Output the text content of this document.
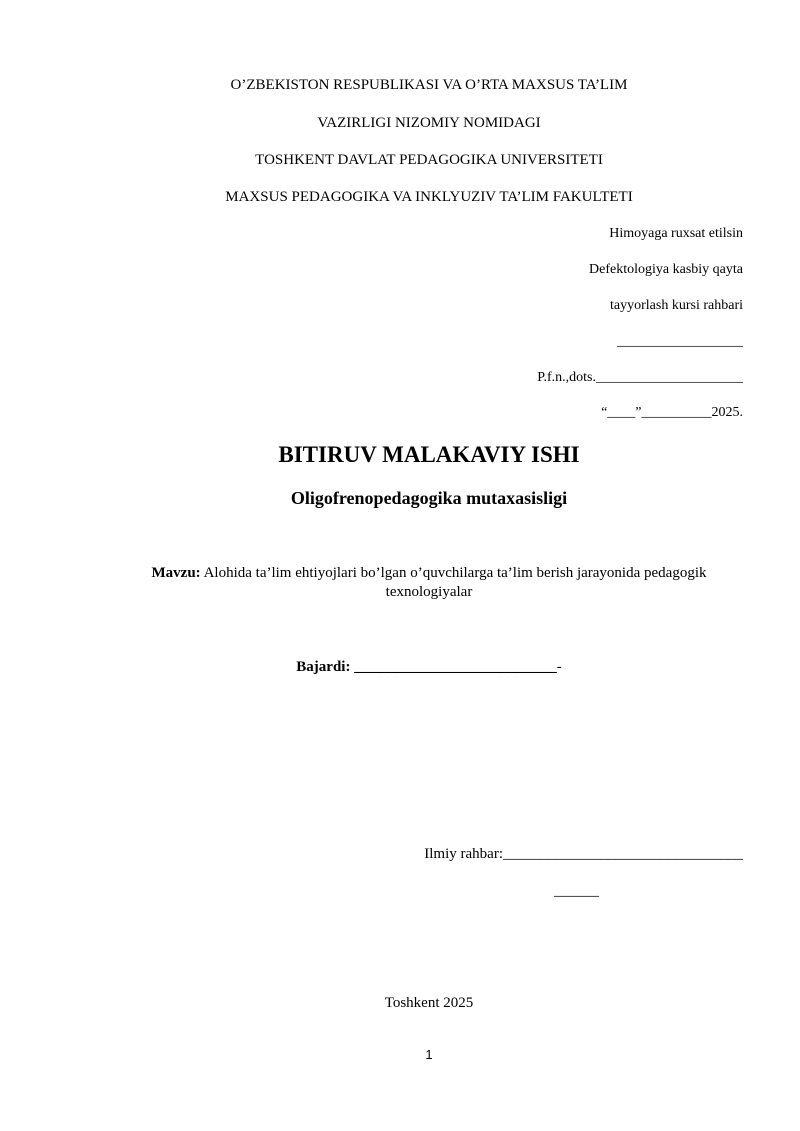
O’ZBEKISTON RESPUBLIKASI VA O’RTA MAXSUS TA’LIM
VAZIRLIGI NIZOMIY NOMIDAGI
TOSHKENT DAVLAT PEDAGOGIKA UNIVERSITETI
MAXSUS PEDAGOGIKA VA INKLYUZIV TA’LIM FAKULTETI
Himoyaga ruxsat etilsin
Defektologiya kasbiy qayta
tayyorlash kursi rahbari
__________________
P.f.n.,dots._____________________
“____”__________2025.
BITIRUV MALAKAVIY ISHI
Oligofrenopedagogika mutaxasisligi
Mavzu: Alohida ta’lim ehtiyojlari bo’lgan o’quvchilarga ta’lim berish jarayonida pedagogik
texnologiyalar
Bajardi: ___________________________-
Ilmiy rahbar:________________________________
______
Toshkent 2025
1
